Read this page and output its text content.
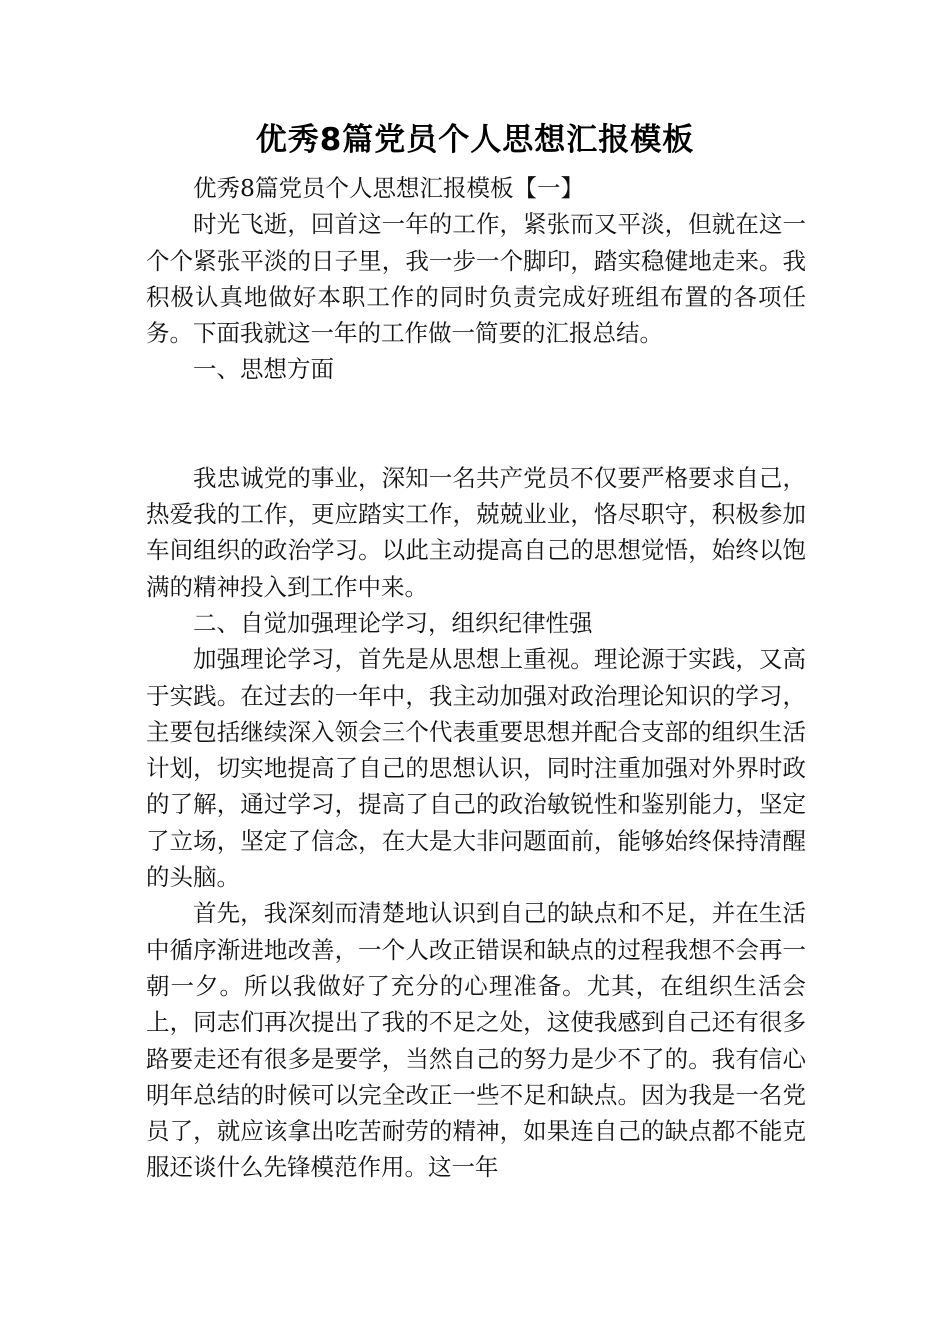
优秀8篇党员个人思想汇报模板

优秀8篇党员个人思想汇报模板【一】

时光飞逝，回首这一年的工作，紧张而又平淡，但就在这一个个紧张平淡的日子里，我一步一个脚印，踏实稳健地走来。我积极认真地做好本职工作的同时负责完成好班组布置的各项任务。下面我就这一年的工作做一简要的汇报总结。

一、思想方面

我忠诚党的事业，深知一名共产党员不仅要严格要求自己，热爱我的工作，更应踏实工作，兢兢业业，恪尽职守，积极参加车间组织的政治学习。以此主动提高自己的思想觉悟，始终以饱满的精神投入到工作中来。

二、自觉加强理论学习，组织纪律性强

加强理论学习，首先是从思想上重视。理论源于实践，又高于实践。在过去的一年中，我主动加强对政治理论知识的学习，主要包括继续深入领会三个代表重要思想并配合支部的组织生活计划，切实地提高了自己的思想认识，同时注重加强对外界时政的了解，通过学习，提高了自己的政治敏锐性和鉴别能力，坚定了立场，坚定了信念，在大是大非问题面前，能够始终保持清醒的头脑。

首先，我深刻而清楚地认识到自己的缺点和不足，并在生活中循序渐进地改善，一个人改正错误和缺点的过程我想不会再一朝一夕。所以我做好了充分的心理准备。尤其，在组织生活会上，同志们再次提出了我的不足之处，这使我感到自己还有很多路要走还有很多是要学，当然自己的努力是少不了的。我有信心明年总结的时候可以完全改正一些不足和缺点。因为我是一名党员了，就应该拿出吃苦耐劳的精神，如果连自己的缺点都不能克服还谈什么先锋模范作用。这一年
